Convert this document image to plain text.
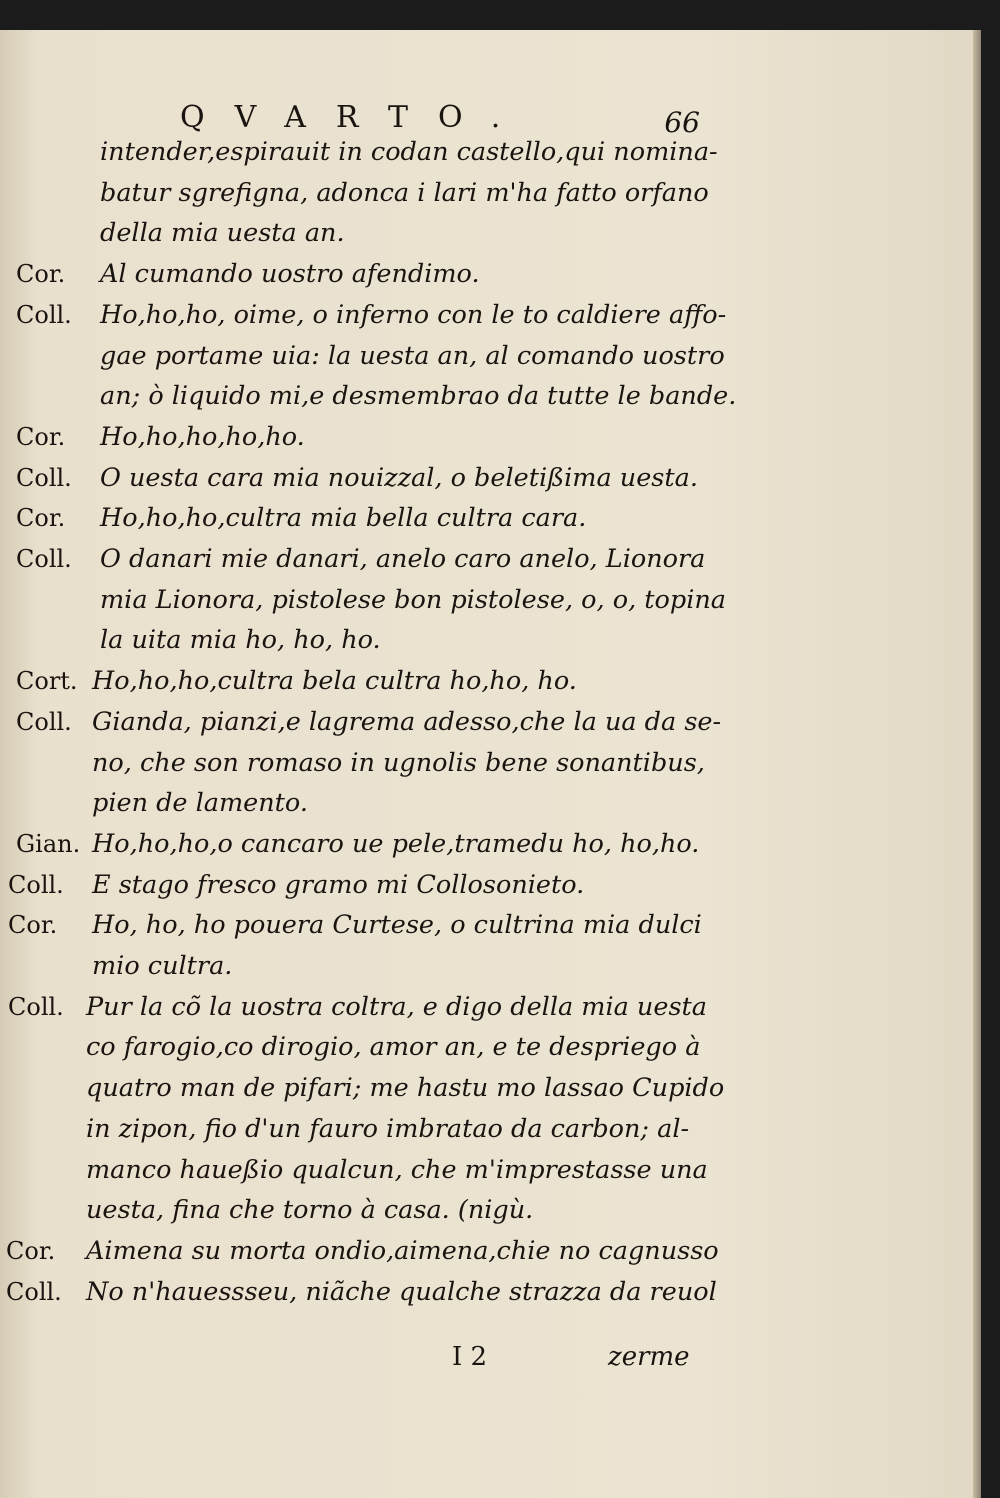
QVARTO.	66
intender,espirauit in codan castello,qui nomina-
batur sgrefigna, adonca i lari m'ha fatto orfano
della mia uesta an.
Cor. Al cumando uostro afendimo.
Coll. Ho,ho,ho, oime, o inferno con le to caldiere affo-
gae portame uia: la uesta an, al comando uostro
an; ò liquido mi,e desmembrao da tutte le bande.
Cor. Ho,ho,ho,ho,ho.
Coll. O uesta cara mia nouizzal, o beletißima uesta.
Cor. Ho,ho,ho,cultra mia bella cultra cara.
Coll. O danari mie danari, anelo caro anelo, Lionora
mia Lionora, pistolese bon pistolese, o, o, topina
la uita mia ho, ho, ho.
Cort. Ho,ho,ho,cultra bela cultra ho,ho, ho.
Coll. Gianda, pianzi,e lagrema adesso,che la ua da se-
no, che son romaso in ugnolis bene sonantibus,
pien de lamento.
Gian. Ho,ho,ho,o cancaro ue pele,tramedu ho, ho,ho.
Coll. E stago fresco gramo mi Collosonieto.
Cor. Ho, ho, ho pouera Curtese, o cultrina mia dulci
mio cultra.
Coll. Pur la cõ la uostra coltra, e digo della mia uesta
co farogio,co dirogio, amor an, e te despriego à
quatro man de pifari; me hastu mo lassao Cupido
in zipon, fio d'un fauro imbratao da carbon; al-
manco haueßio qualcun, che m'imprestasse una
uesta, fina che torno à casa. (nigù.
Cor. Aimena su morta ondio,aimena,chie no cagnusso
Coll. No n'hauessseu, niãche qualche strazza da reuol
I 2	zerme
